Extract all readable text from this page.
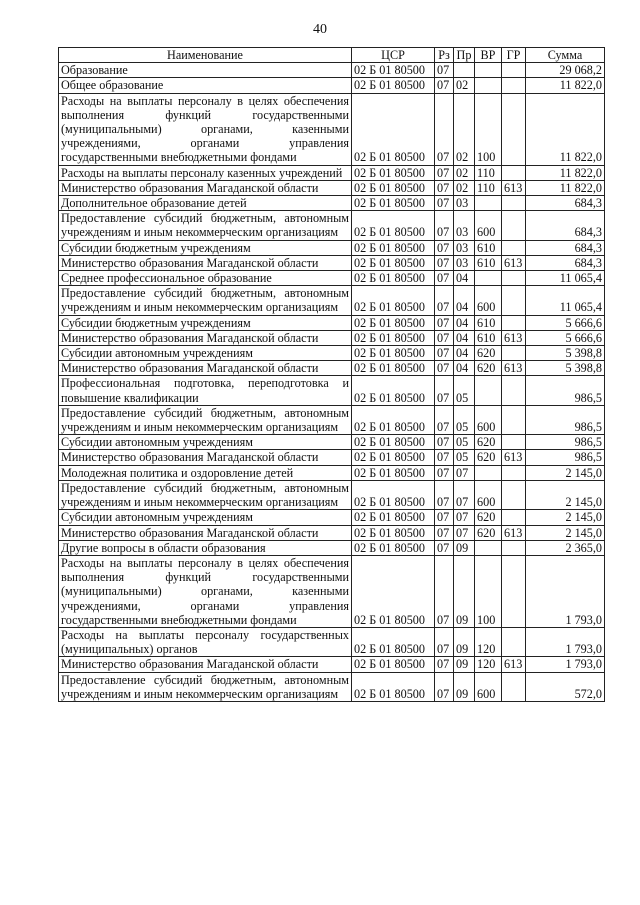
40
Наименование	ЦСР	Рз	Пр	ВР	ГР	Сумма
Образование	02 Б 01 80500	07				29 068,2
Общее образование	02 Б 01 80500	07	02			11 822,0
Расходы на выплаты персоналу в целях обеспечения выполнения функций государственными (муниципальными) органами, казенными учреждениями, органами управления государственными внебюджетными фондами	02 Б 01 80500	07	02	100		11 822,0
Расходы на выплаты персоналу казенных учреждений	02 Б 01 80500	07	02	110		11 822,0
Министерство образования Магаданской области	02 Б 01 80500	07	02	110	613	11 822,0
Дополнительное образование детей	02 Б 01 80500	07	03			684,3
Предоставление субсидий бюджетным, автономным учреждениям и иным некоммерческим организациям	02 Б 01 80500	07	03	600		684,3
Субсидии бюджетным учреждениям	02 Б 01 80500	07	03	610		684,3
Министерство образования Магаданской области	02 Б 01 80500	07	03	610	613	684,3
Среднее профессиональное образование	02 Б 01 80500	07	04			11 065,4
Предоставление субсидий бюджетным, автономным учреждениям и иным некоммерческим организациям	02 Б 01 80500	07	04	600		11 065,4
Субсидии бюджетным учреждениям	02 Б 01 80500	07	04	610		5 666,6
Министерство образования Магаданской области	02 Б 01 80500	07	04	610	613	5 666,6
Субсидии автономным учреждениям	02 Б 01 80500	07	04	620		5 398,8
Министерство образования Магаданской области	02 Б 01 80500	07	04	620	613	5 398,8
Профессиональная подготовка, переподготовка и повышение квалификации	02 Б 01 80500	07	05			986,5
Предоставление субсидий бюджетным, автономным учреждениям и иным некоммерческим организациям	02 Б 01 80500	07	05	600		986,5
Субсидии автономным учреждениям	02 Б 01 80500	07	05	620		986,5
Министерство образования Магаданской области	02 Б 01 80500	07	05	620	613	986,5
Молодежная политика и оздоровление детей	02 Б 01 80500	07	07			2 145,0
Предоставление субсидий бюджетным, автономным учреждениям и иным некоммерческим организациям	02 Б 01 80500	07	07	600		2 145,0
Субсидии автономным учреждениям	02 Б 01 80500	07	07	620		2 145,0
Министерство образования Магаданской области	02 Б 01 80500	07	07	620	613	2 145,0
Другие вопросы в области образования	02 Б 01 80500	07	09			2 365,0
Расходы на выплаты персоналу в целях обеспечения выполнения функций государственными (муниципальными) органами, казенными учреждениями, органами управления государственными внебюджетными фондами	02 Б 01 80500	07	09	100		1 793,0
Расходы на выплаты персоналу государственных (муниципальных) органов	02 Б 01 80500	07	09	120		1 793,0
Министерство образования Магаданской области	02 Б 01 80500	07	09	120	613	1 793,0
Предоставление субсидий бюджетным, автономным учреждениям и иным некоммерческим организациям	02 Б 01 80500	07	09	600		572,0
